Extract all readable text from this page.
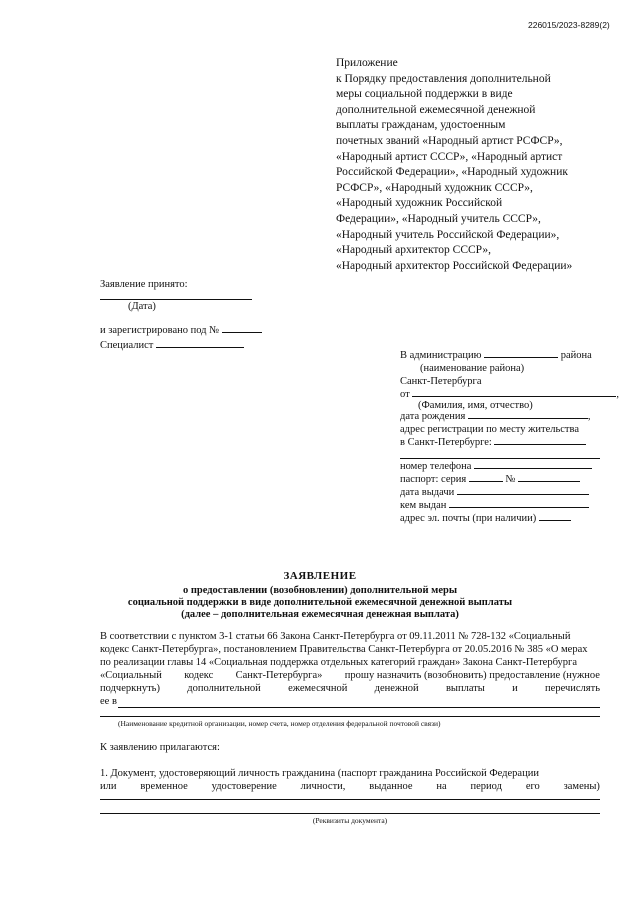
226015/2023-8289(2)
Приложение
к Порядку предоставления дополнительной
меры социальной поддержки в виде
дополнительной ежемесячной денежной
выплаты гражданам, удостоенным
почетных званий «Народный артист РСФСР»,
«Народный артист СССР», «Народный артист
Российской Федерации», «Народный художник
РСФСР», «Народный художник СССР»,
«Народный художник Российской
Федерации», «Народный учитель СССР»,
«Народный учитель Российской Федерации»,
«Народный архитектор СССР»,
«Народный архитектор Российской Федерации»
Заявление принято:
(Дата)
и зарегистрировано под №
Специалист
В администрацию	района
(наименование района)
Санкт-Петербурга
от	,
(Фамилия, имя, отчество)
дата рождения	,
адрес регистрации по месту жительства
в Санкт-Петербурге:
номер телефона
паспорт: серия	№
дата выдачи
кем выдан
адрес эл. почты (при наличии)
ЗАЯВЛЕНИЕ
о предоставлении (возобновлении) дополнительной меры
социальной поддержки в виде дополнительной ежемесячной денежной выплаты
(далее – дополнительная ежемесячная денежная выплата)
В соответствии с пунктом 3-1 статьи 66 Закона Санкт-Петербурга от 09.11.2011 № 728-132 «Социальный
кодекс Санкт-Петербурга», постановлением Правительства Санкт-Петербурга от 20.05.2016 № 385 «О мерах
по реализации главы 14 «Социальная поддержка отдельных категорий граждан» Закона Санкт-Петербурга
«Социальный кодекс Санкт-Петербурга» прошу назначить (возобновить) предоставление (нужное
подчеркнуть)	дополнительной	ежемесячной	денежной	выплаты	и	перечислять
ее в
(Наименование кредитной организации, номер счета, номер отделения федеральной почтовой связи)
К заявлению прилагаются:
1. Документ, удостоверяющий личность гражданина (паспорт гражданина Российской Федерации
или временное удостоверение личности, выданное на период его замены)
(Реквизиты документа)
